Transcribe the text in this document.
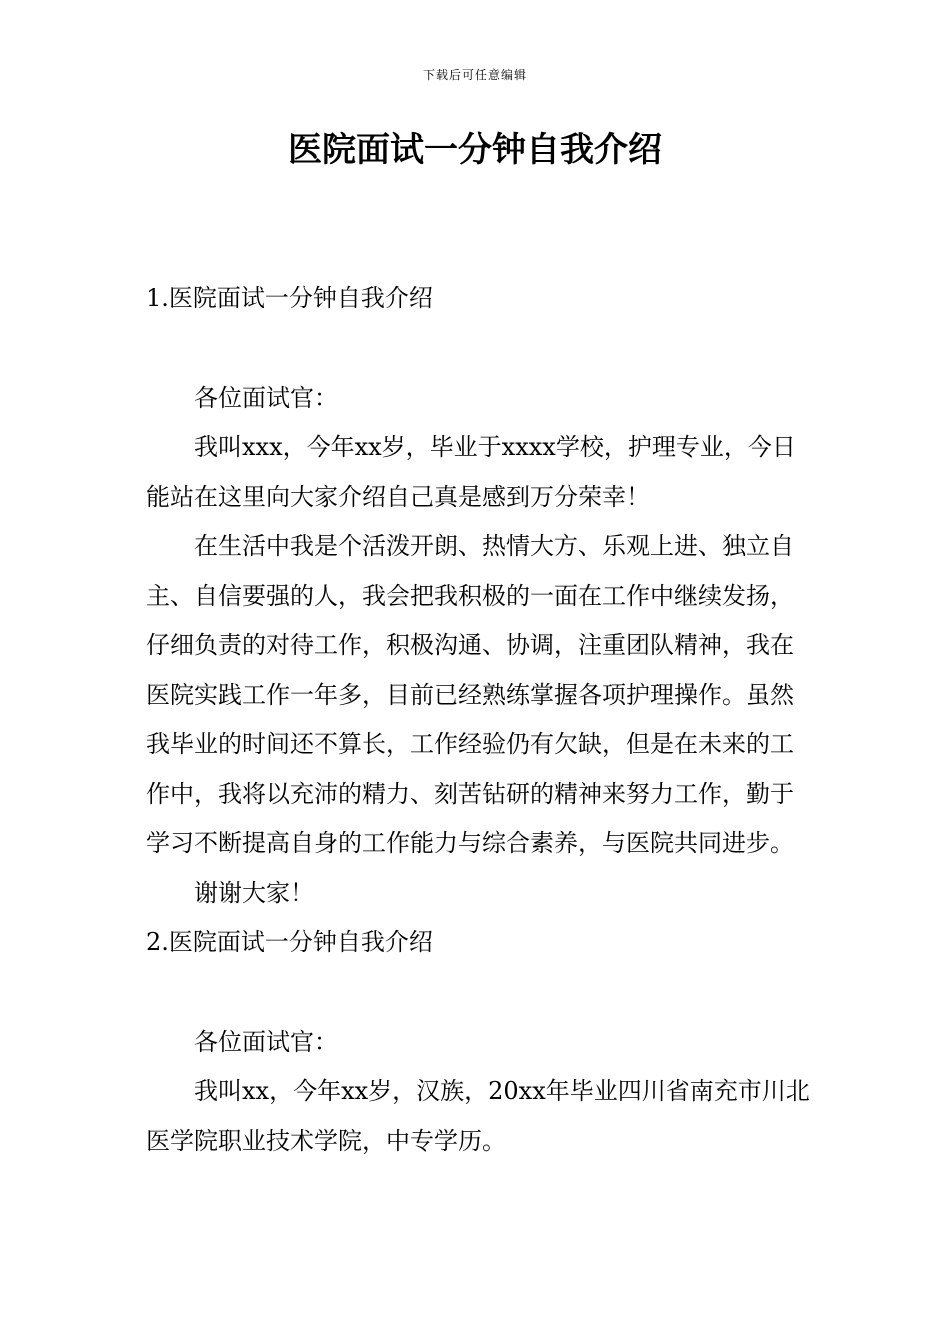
下载后可任意编辑
医院面试一分钟自我介绍

1.医院面试一分钟自我介绍

各位面试官：

我叫xxx，今年xx岁，毕业于xxxx学校，护理专业，今日能站在这里向大家介绍自己真是感到万分荣幸！

在生活中我是个活泼开朗、热情大方、乐观上进、独立自主、自信要强的人，我会把我积极的一面在工作中继续发扬，仔细负责的对待工作，积极沟通、协调，注重团队精神，我在医院实践工作一年多，目前已经熟练掌握各项护理操作。虽然我毕业的时间还不算长，工作经验仍有欠缺，但是在未来的工作中，我将以充沛的精力、刻苦钻研的精神来努力工作，勤于学习不断提高自身的工作能力与综合素养，与医院共同进步。

谢谢大家！

2.医院面试一分钟自我介绍

各位面试官：

我叫xx，今年xx岁，汉族，20xx年毕业四川省南充市川北医学院职业技术学院，中专学历。
